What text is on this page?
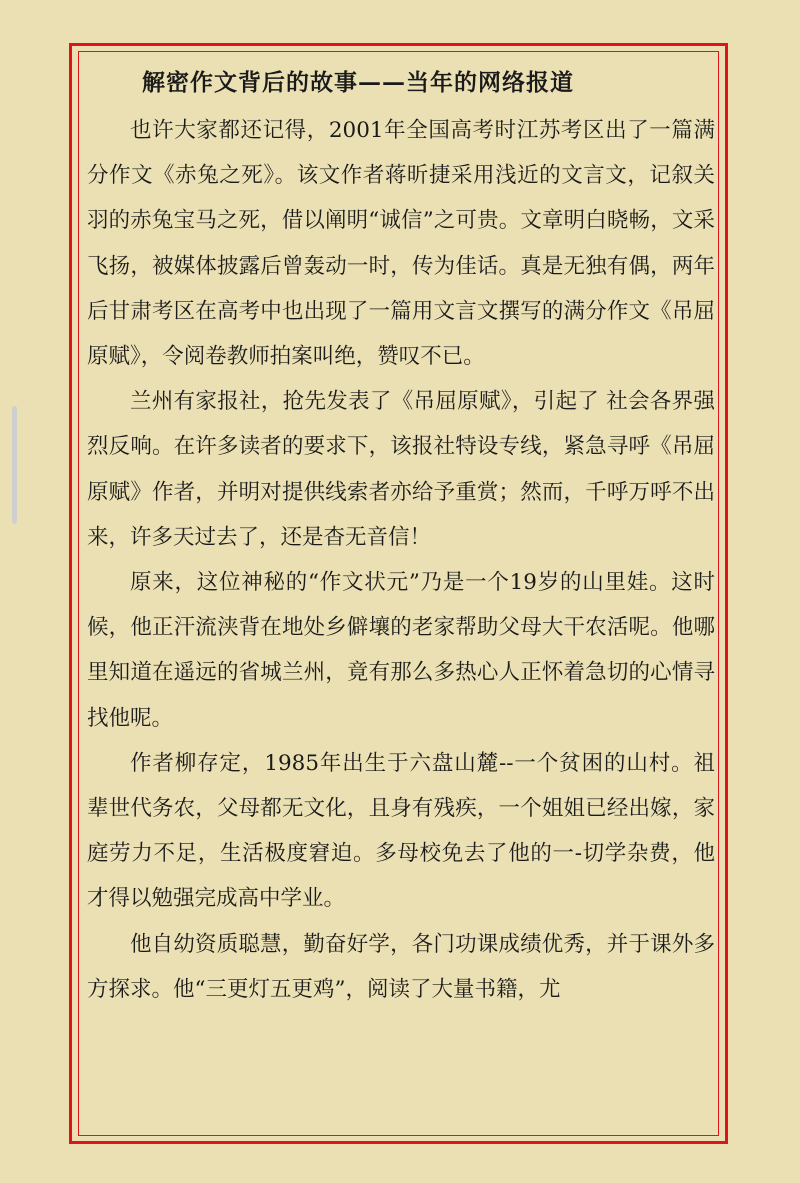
解密作文背后的故事——当年的网络报道

也许大家都还记得，2001年全国高考时江苏考区出了一篇满分作文《赤兔之死》。该文作者蒋昕捷采用浅近的文言文，记叙关羽的赤兔宝马之死，借以阐明“诚信”之可贵。文章明白晓畅，文采飞扬，被媒体披露后曾轰动一时，传为佳话。真是无独有偶，两年后甘肃考区在高考中也出现了一篇用文言文撰写的满分作文《吊屈原赋》，令阅卷教师拍案叫绝，赞叹不已。

兰州有家报社，抢先发表了《吊屈原赋》，引起了 社会各界强烈反响。在许多读者的要求下，该报社特设专线，紧急寻呼《吊屈原赋》作者，并明对提供线索者亦给予重赏；然而，千呼万呼不出来，许多天过去了，还是杳无音信！

原来，这位神秘的“作文状元”乃是一个19岁的山里娃。这时候，他正汗流浃背在地处乡僻壤的老家帮助父母大干农活呢。他哪里知道在遥远的省城兰州，竟有那么多热心人正怀着急切的心情寻找他呢。

作者柳存定，1985年出生于六盘山麓--一个贫困的山村。祖辈世代务农，父母都无文化，且身有残疾，一个姐姐已经出嫁，家庭劳力不足，生活极度窘迫。多母校免去了他的一-切学杂费，他才得以勉强完成高中学业。

他自幼资质聪慧，勤奋好学，各门功课成绩优秀，并于课外多方探求。他“三更灯五更鸡”，阅读了大量书籍，尤
